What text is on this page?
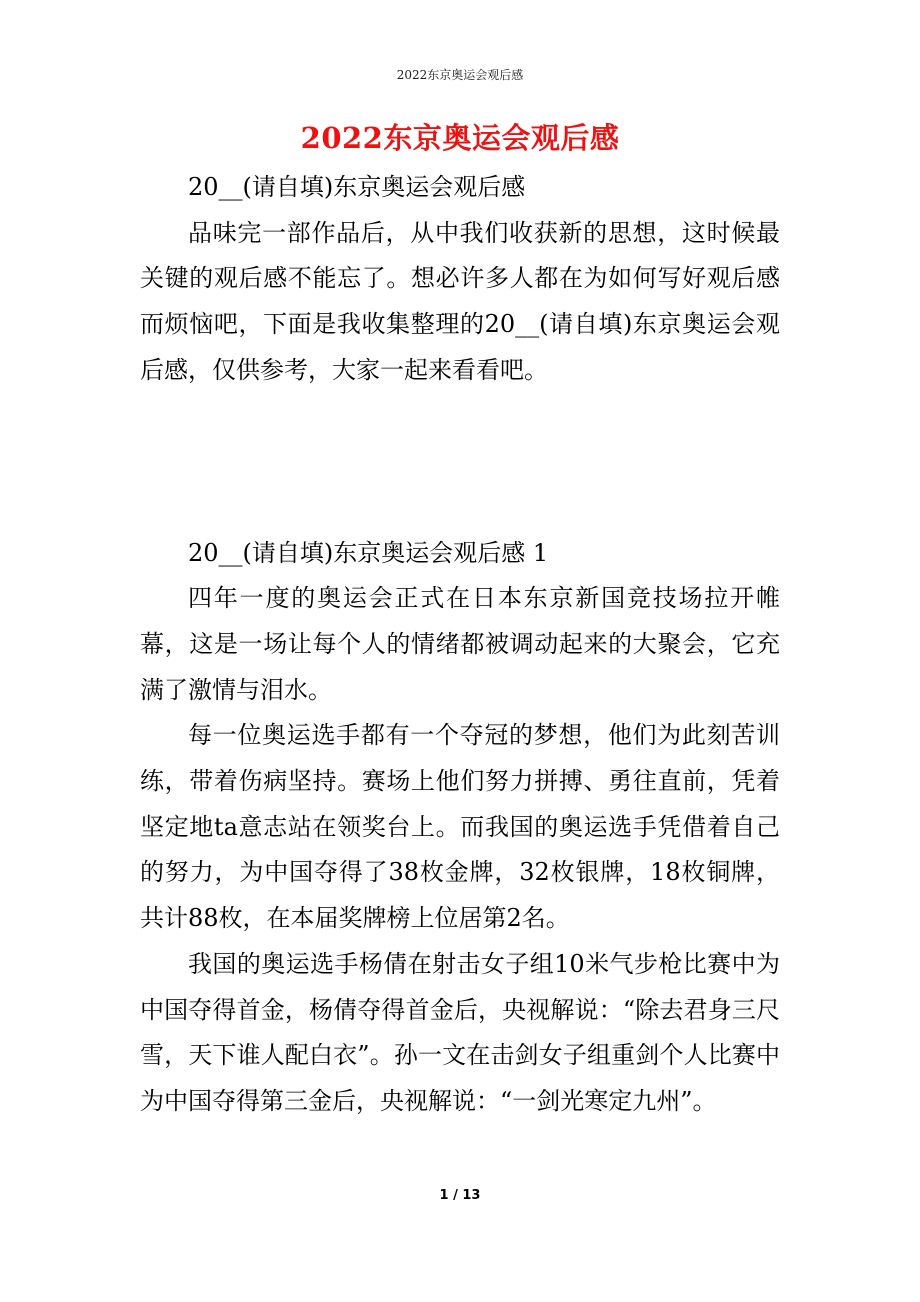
2022东京奥运会观后感
2022东京奥运会观后感

20__(请自填)东京奥运会观后感

品味完一部作品后，从中我们收获新的思想，这时候最关键的观后感不能忘了。想必许多人都在为如何写好观后感而烦恼吧，下面是我收集整理的20__(请自填)东京奥运会观后感，仅供参考，大家一起来看看吧。

20__(请自填)东京奥运会观后感 1

四年一度的奥运会正式在日本东京新国竞技场拉开帷幕，这是一场让每个人的情绪都被调动起来的大聚会，它充满了激情与泪水。

每一位奥运选手都有一个夺冠的梦想，他们为此刻苦训练，带着伤病坚持。赛场上他们努力拼搏、勇往直前，凭着坚定地ta意志站在领奖台上。而我国的奥运选手凭借着自己的努力，为中国夺得了38枚金牌，32枚银牌，18枚铜牌，共计88枚，在本届奖牌榜上位居第2名。

我国的奥运选手杨倩在射击女子组10米气步枪比赛中为中国夺得首金，杨倩夺得首金后，央视解说：“除去君身三尺雪，天下谁人配白衣”。孙一文在击剑女子组重剑个人比赛中为中国夺得第三金后，央视解说：“一剑光寒定九州”。

1 / 13
